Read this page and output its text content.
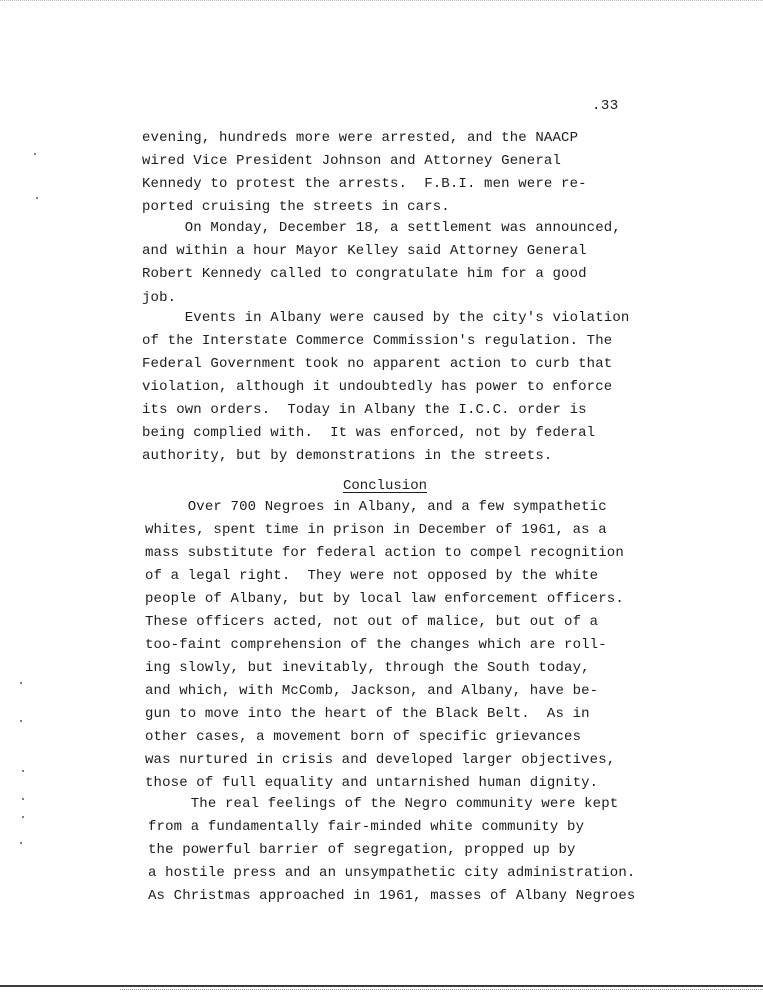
.33
evening, hundreds more were arrested, and the NAACP
wired Vice President Johnson and Attorney General
Kennedy to protest the arrests.  F.B.I. men were re-
ported cruising the streets in cars.
On Monday, December 18, a settlement was announced,
and within a hour Mayor Kelley said Attorney General
Robert Kennedy called to congratulate him for a good
job.
Events in Albany were caused by the city's violation
of the Interstate Commerce Commission's regulation. The
Federal Government took no apparent action to curb that
violation, although it undoubtedly has power to enforce
its own orders.  Today in Albany the I.C.C. order is
being complied with.  It was enforced, not by federal
authority, but by demonstrations in the streets.
Conclusion
Over 700 Negroes in Albany, and a few sympathetic
whites, spent time in prison in December of 1961, as a
mass substitute for federal action to compel recognition
of a legal right.  They were not opposed by the white
people of Albany, but by local law enforcement officers.
These officers acted, not out of malice, but out of a
too-faint comprehension of the changes which are roll-
ing slowly, but inevitably, through the South today,
and which, with McComb, Jackson, and Albany, have be-
gun to move into the heart of the Black Belt.  As in
other cases, a movement born of specific grievances
was nurtured in crisis and developed larger objectives,
those of full equality and untarnished human dignity.
The real feelings of the Negro community were kept
from a fundamentally fair-minded white community by
the powerful barrier of segregation, propped up by
a hostile press and an unsympathetic city administration.
As Christmas approached in 1961, masses of Albany Negroes
